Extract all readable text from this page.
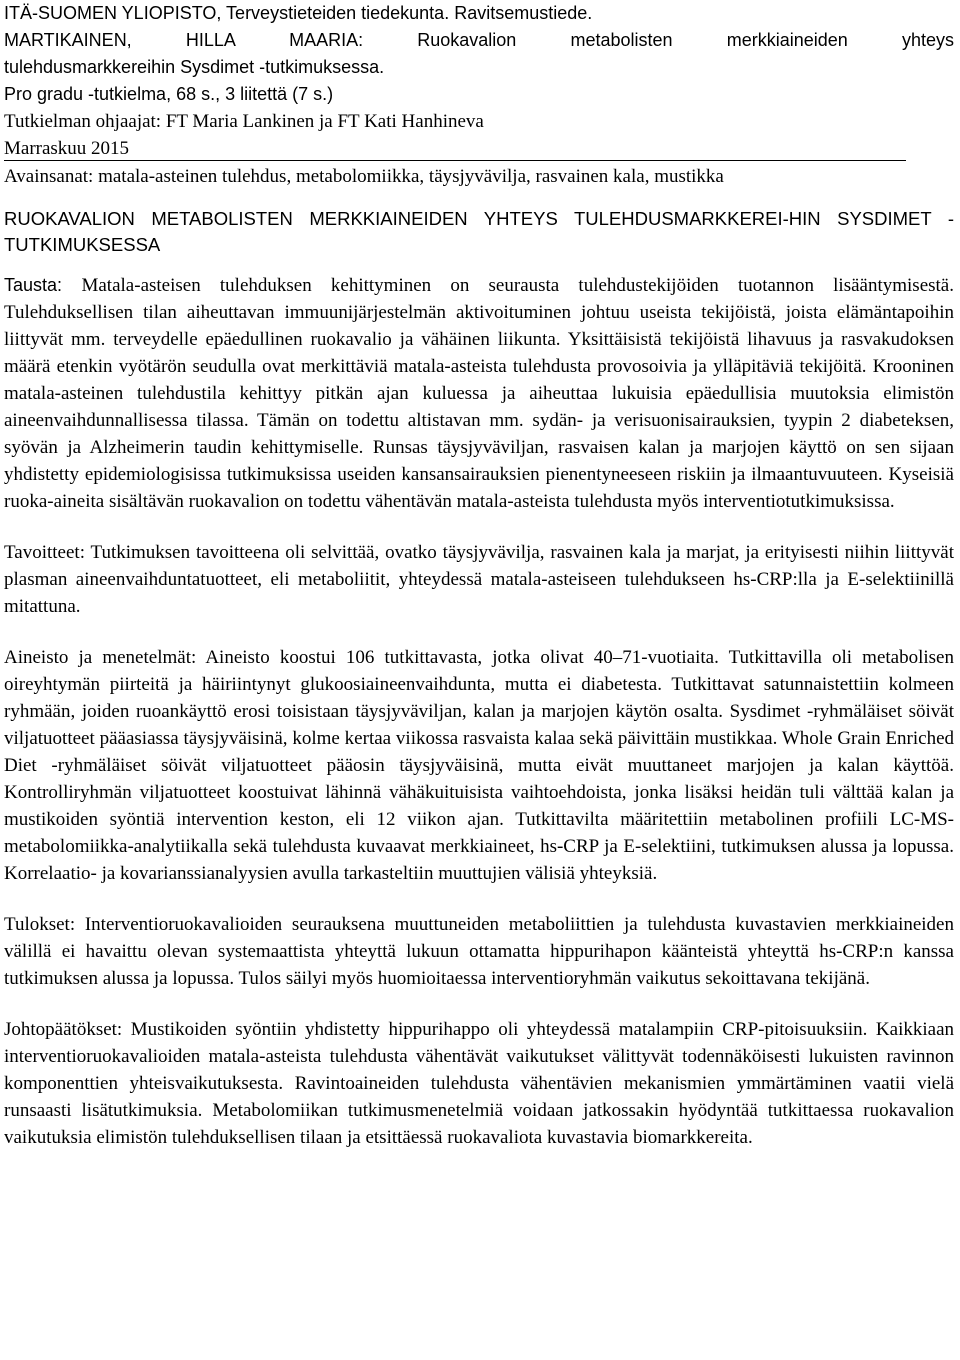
ITÄ-SUOMEN YLIOPISTO, Terveystieteiden tiedekunta. Ravitsemustiede.
MARTIKAINEN, HILLA MAARIA: Ruokavalion metabolisten merkkiaineiden yhteys
tulehdusmarkkereihin Sysdimet -tutkimuksessa.
Pro gradu -tutkielma, 68 s., 3 liitettä (7 s.)
Tutkielman ohjaajat: FT Maria Lankinen ja FT Kati Hanhineva
Marraskuu 2015
Avainsanat: matala-asteinen tulehdus, metabolomiikka, täysjyvävilja, rasvainen kala, mustikka
RUOKAVALION METABOLISTEN MERKKIAINEIDEN YHTEYS TULEHDUSMARKKEREI-HIN SYSDIMET -TUTKIMUKSESSA
Tausta: Matala-asteisen tulehduksen kehittyminen on seurausta tulehdustekijöiden tuotannon lisääntymisestä. Tulehduksellisen tilan aiheuttavan immuunijärjestelmän aktivoituminen johtuu useista tekijöistä, joista elämäntapoihin liittyvät mm. terveydelle epäedullinen ruokavalio ja vähäinen liikunta. Yksittäisistä tekijöistä lihavuus ja rasvakudoksen määrä etenkin vyötärön seudulla ovat merkittäviä matala-asteista tulehdusta provosoivia ja ylläpitäviä tekijöitä. Krooninen matala-asteinen tulehdustila kehittyy pitkän ajan kuluessa ja aiheuttaa lukuisia epäedullisia muutoksia elimistön aineenvaihdunnallisessa tilassa. Tämän on todettu altistavan mm. sydän- ja verisuonisairauksien, tyypin 2 diabeteksen, syövän ja Alzheimerin taudin kehittymiselle. Runsas täysjyväviljan, rasvaisen kalan ja marjojen käyttö on sen sijaan yhdistetty epidemiologisissa tutkimuksissa useiden kansansairauksien pienentyneeseen riskiin ja ilmaantuvuuteen. Kyseisiä ruoka-aineita sisältävän ruokavalion on todettu vähentävän matala-asteista tulehdusta myös interventiotutkimuksissa.
Tavoitteet: Tutkimuksen tavoitteena oli selvittää, ovatko täysjyvävilja, rasvainen kala ja marjat, ja erityisesti niihin liittyvät plasman aineenvaihduntatuotteet, eli metaboliitit, yhteydessä matala-asteiseen tulehdukseen hs-CRP:lla ja E-selektiinillä mitattuna.
Aineisto ja menetelmät: Aineisto koostui 106 tutkittavasta, jotka olivat 40–71-vuotiaita. Tutkittavilla oli metabolisen oireyhtymän piirteitä ja häiriintynyt glukoosiaineenvaihdunta, mutta ei diabetesta. Tutkittavat satunnaistettiin kolmeen ryhmään, joiden ruoankäyttö erosi toisistaan täysjyväviljan, kalan ja marjojen käytön osalta. Sysdimet -ryhmäläiset söivät viljatuotteet pääasiassa täysjyväisinä, kolme kertaa viikossa rasvaista kalaa sekä päivittäin mustikkaa. Whole Grain Enriched Diet -ryhmäläiset söivät viljatuotteet pääosin täysjyväisinä, mutta eivät muuttaneet marjojen ja kalan käyttöä. Kontrolliryhmän viljatuotteet koostuivat lähinnä vähäkuituisista vaihtoehdoista, jonka lisäksi heidän tuli välttää kalan ja mustikoiden syöntiä intervention keston, eli 12 viikon ajan. Tutkittavilta määritettiin metabolinen profiili LC-MS-metabolomiikka-analytiikalla sekä tulehdusta kuvaavat merkkiaineet, hs-CRP ja E-selektiini, tutkimuksen alussa ja lopussa. Korrelaatio- ja kovarianssianalyysien avulla tarkasteltiin muuttujien välisiä yhteyksiä.
Tulokset: Interventioruokavalioiden seurauksena muuttuneiden metaboliittien ja tulehdusta kuvastavien merkkiaineiden välillä ei havaittu olevan systemaattista yhteyttä lukuun ottamatta hippurihapon käänteistä yhteyttä hs-CRP:n kanssa tutkimuksen alussa ja lopussa. Tulos säilyi myös huomioitaessa interventioryhmän vaikutus sekoittavana tekijänä.
Johtopäätökset: Mustikoiden syöntiin yhdistetty hippurihappo oli yhteydessä matalampiin CRP-pitoisuuksiin. Kaikkiaan interventioruokavalioiden matala-asteista tulehdusta vähentävät vaikutukset välittyvät todennäköisesti lukuisten ravinnon komponenttien yhteisvaikutuksesta. Ravintoaineiden tulehdusta vähentävien mekanismien ymmärtäminen vaatii vielä runsaasti lisätutkimuksia. Metabolomiikan tutkimusmenetelmiä voidaan jatkossakin hyödyntää tutkittaessa ruokavalion vaikutuksia elimistön tulehduksellisen tilaan ja etsittäessä ruokavaliota kuvastavia biomarkkereita.
